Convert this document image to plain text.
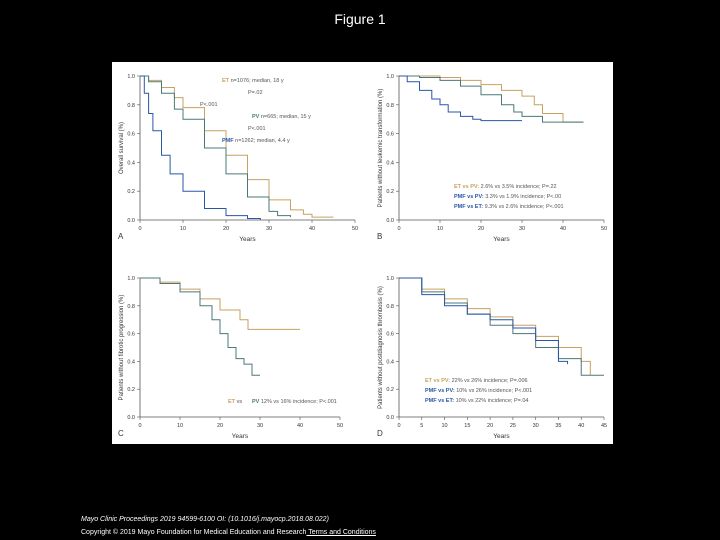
Figure 1
0.0
0.2
0.4
0.6
0.8
1.0
0	10	20	30	40	50
Years
Overall survival (%)
A
ET n=1076; median, 18 y
P=.02
P<.001
PV n=665; median, 15 y
P<.001
PMF n=1262; median, 4.4 y
0.0
0.2
0.4
0.6
0.8
1.0
0	10	20	30	40	50
Years
Patients without leukemic transformation (%)
B
ET vs PV: 2.6% vs 3.5% incidence; P=.22
PMF vs PV: 3.3% vs 1.9% incidence; P<.00
PMF vs ET: 9.3% vs 2.6% incidence; P<.001
0.0
0.2
0.4
0.6
0.8
1.0
0	10	20	30	40	50
Years
Patients without fibrotic progression (%)
C
ET vs PV 12% vs 16% incidence; P<.001
0.0
0.2
0.4
0.6
0.8
1.0
0	5	10	15	20	25	30	35	40	45
Years
Patients without postdiagnosis thrombosis (%)
D
ET vs PV: 22% vs 26% incidence; P=.006
PMF vs PV: 10% vs 26% incidence; P<.001
PMF vs ET: 10% vs 22% incidence; P=.04
Mayo Clinic Proceedings 2019 94599-6100 OI: (10.1016/j.mayocp.2018.08.022)
Copyright © 2019 Mayo Foundation for Medical Education and Research Terms and Conditions
